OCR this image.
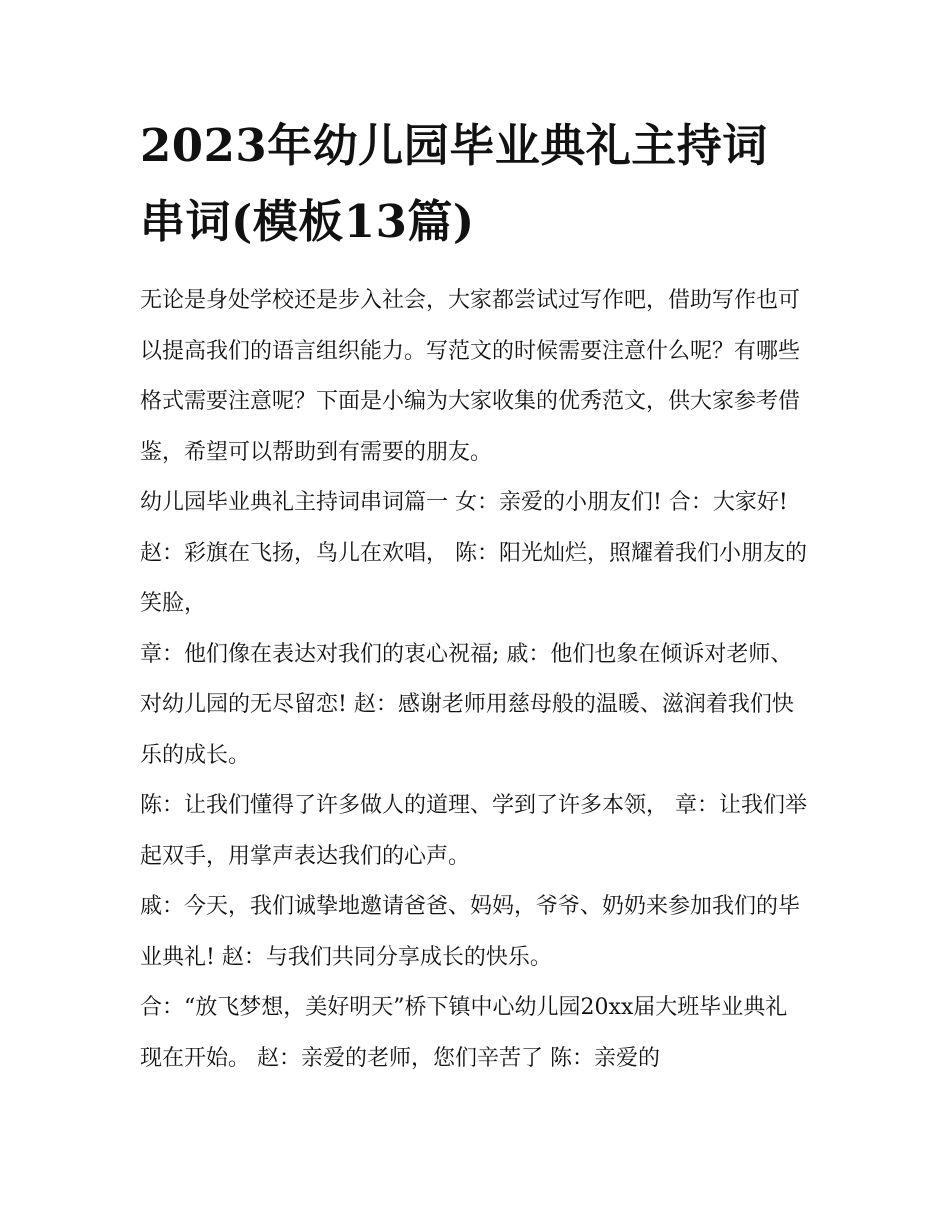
2023年幼儿园毕业典礼主持词串词(模板13篇)

无论是身处学校还是步入社会，大家都尝试过写作吧，借助写作也可以提高我们的语言组织能力。写范文的时候需要注意什么呢？有哪些格式需要注意呢？下面是小编为大家收集的优秀范文，供大家参考借鉴，希望可以帮助到有需要的朋友。

幼儿园毕业典礼主持词串词篇一 女：亲爱的小朋友们! 合：大家好! 赵：彩旗在飞扬，鸟儿在欢唱， 陈：阳光灿烂，照耀着我们小朋友的笑脸，

章：他们像在表达对我们的衷心祝福; 戚：他们也象在倾诉对老师、对幼儿园的无尽留恋! 赵：感谢老师用慈母般的温暖、滋润着我们快乐的成长。

陈：让我们懂得了许多做人的道理、学到了许多本领， 章：让我们举起双手，用掌声表达我们的心声。

戚：今天，我们诚挚地邀请爸爸、妈妈，爷爷、奶奶来参加我们的毕业典礼! 赵：与我们共同分享成长的快乐。

合：“放飞梦想，美好明天”桥下镇中心幼儿园20xx届大班毕业典礼 现在开始。 赵：亲爱的老师，您们辛苦了 陈：亲爱的
